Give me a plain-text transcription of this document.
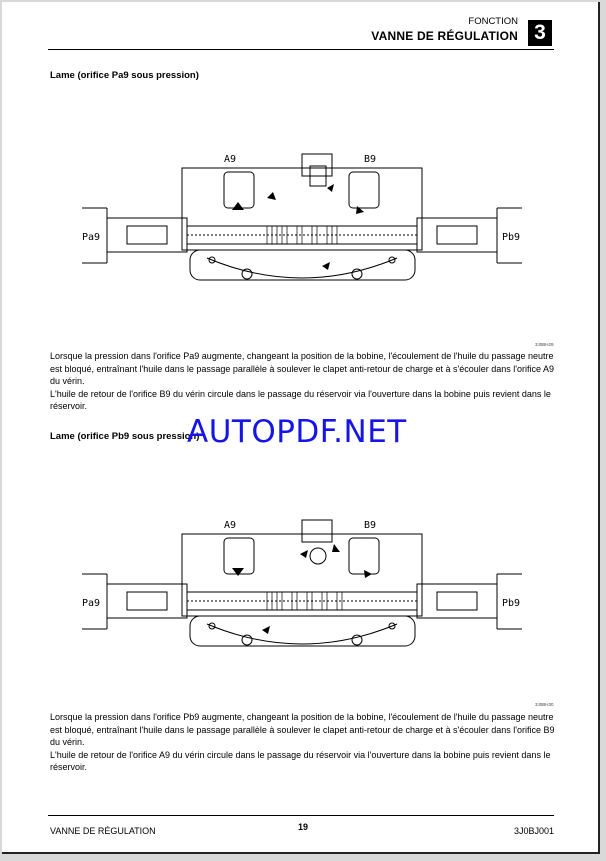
FONCTION
VANNE DE RÉGULATION 3
Lame (orifice Pa9 sous pression)
A9	B9
Pa9	Pb9
3J0BH29

Lorsque la pression dans l'orifice Pa9 augmente, changeant la position de la bobine, l'écoulement de l'huile du passage neutre est bloqué, entraînant l'huile dans le passage parallèle à soulever le clapet anti-retour de charge et à s'écouler dans l'orifice A9 du vérin.

L'huile de retour de l'orifice B9 du vérin circule dans le passage du réservoir via l'ouverture dans la bobine puis revient dans le réservoir.

Lame (orifice Pb9 sous pression)
A9	B9
Pa9	Pb9
3J0BH30

Lorsque la pression dans l'orifice Pb9 augmente, changeant la position de la bobine, l'écoulement de l'huile du passage neutre est bloqué, entraînant l'huile dans le passage parallèle à soulever le clapet anti-retour de charge et à s'écouler dans l'orifice B9 du vérin.

L'huile de retour de l'orifice A9 du vérin circule dans le passage du réservoir via l'ouverture dans la bobine puis revient dans le réservoir.

AUTOPDF.NET
VANNE DE RÉGULATION	19	3J0BJ001
